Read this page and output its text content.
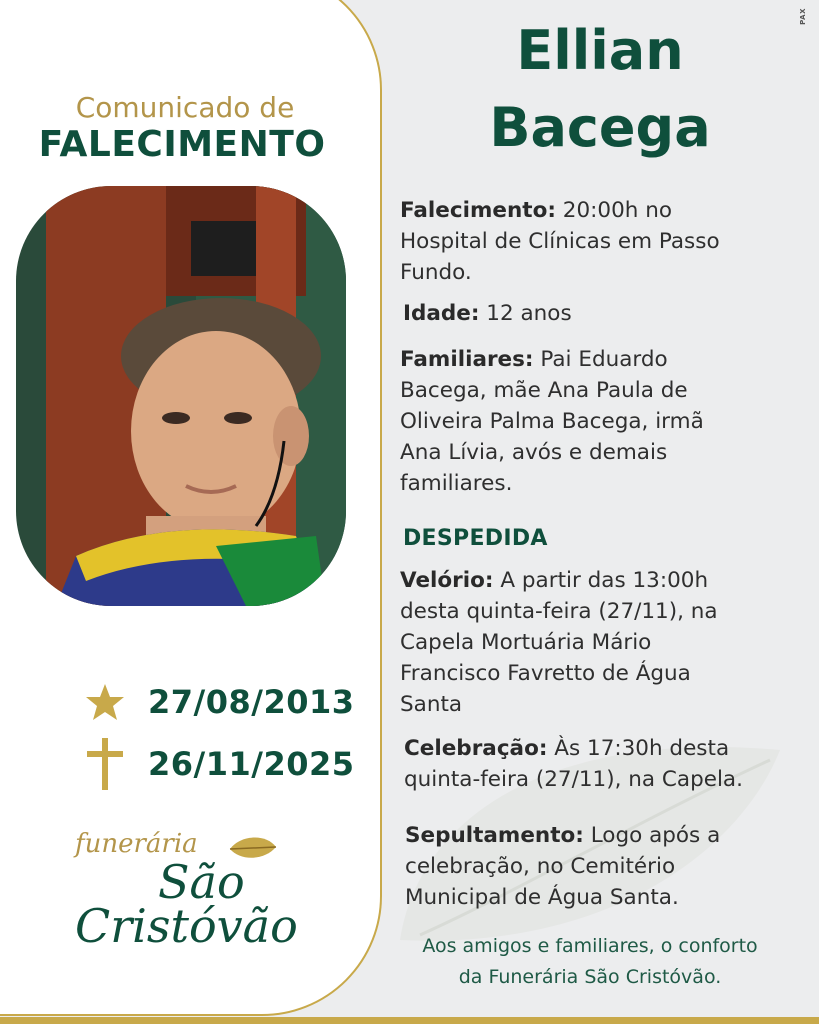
PAX
Comunicado de
FALECIMENTO
27/08/2013
26/11/2025
funerária
São
Cristóvão
Ellian
Bacega
Falecimento: 20:00h no
Hospital de Clínicas em Passo
Fundo.
Idade: 12 anos
Familiares: Pai Eduardo
Bacega, mãe Ana Paula de
Oliveira Palma Bacega, irmã
Ana Lívia, avós e demais
familiares.
DESPEDIDA
Velório: A partir das 13:00h
desta quinta-feira (27/11), na
Capela Mortuária Mário
Francisco Favretto de Água
Santa
Celebração: Às 17:30h desta
quinta-feira (27/11), na Capela.
Sepultamento: Logo após a
celebração, no Cemitério
Municipal de Água Santa.
Aos amigos e familiares, o conforto
da Funerária São Cristóvão.
